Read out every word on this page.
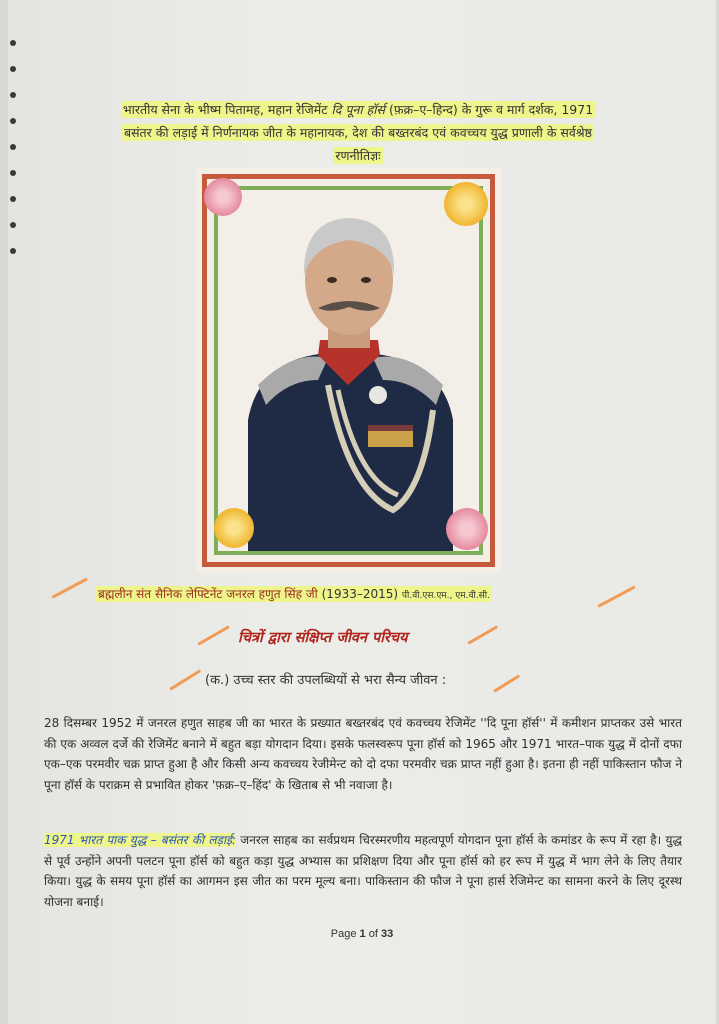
भारतीय सेना के भीष्म पितामह, महान रेजिमेंट दि पूना हॉर्स (फ़क्र–ए–हिन्द) के गुरू व मार्ग दर्शक, 1971
बसंतर की लड़ाई में निर्णनायक जीत के महानायक, देश की बख्तरबंद एवं कवच्चय युद्ध प्रणाली के सर्वश्रेष्ठ
रणनीतिज्ञः
ब्रह्मलीन संत सैनिक लेफ्टिनेंट जनरल हणुत सिंह जी (1933–2015) पी.वी.एस.एम., एम.वी.सी.
चित्रों द्वारा संक्षिप्त जीवन परिचय
(क.) उच्च स्तर की उपलब्धियों से भरा सैन्य जीवन :
28 दिसम्बर 1952 में जनरल हणुत साहब जी का भारत के प्रख्यात बख्तरबंद एवं कवच्चय रेजिमेंट ''दि पूना हॉर्स'' में कमीशन प्राप्तकर उसे भारत की एक अव्वल दर्जे की रेजिमेंट बनाने में बहुत बड़ा योगदान दिया। इसके फलस्वरूप पूना हॉर्स को 1965 और 1971 भारत–पाक युद्ध में दोनों दफा एक–एक परमवीर चक्र प्राप्त हुआ है और किसी अन्य कवच्चय रेजीमेन्ट को दो दफा परमवीर चक्र प्राप्त नहीं हुआ है। इतना ही नहीं पाकिस्तान फौज ने पूना हॉर्स के पराक्रम से प्रभावित होकर 'फ़क्र–ए–हिंद' के खिताब से भी नवाजा है।
1971 भारत पाक युद्ध – बसंतर की लड़ाई: जनरल साहब का सर्वप्रथम चिरस्मरणीय महत्वपूर्ण योगदान पूना हॉर्स के कमांडर के रूप में रहा है। युद्ध से पूर्व उन्होंने अपनी पलटन पूना हॉर्स को बहुत कड़ा युद्ध अभ्यास का प्रशिक्षण दिया और पूना हॉर्स को हर रूप में युद्ध में भाग लेने के लिए तैयार किया। युद्ध के समय पूना हॉर्स का आगमन इस जीत का परम मूल्य बना। पाकिस्तान की फौज ने पूना हार्स रेजिमेन्ट का सामना करने के लिए दूरस्थ योजना बनाई।
Page 1 of 33
